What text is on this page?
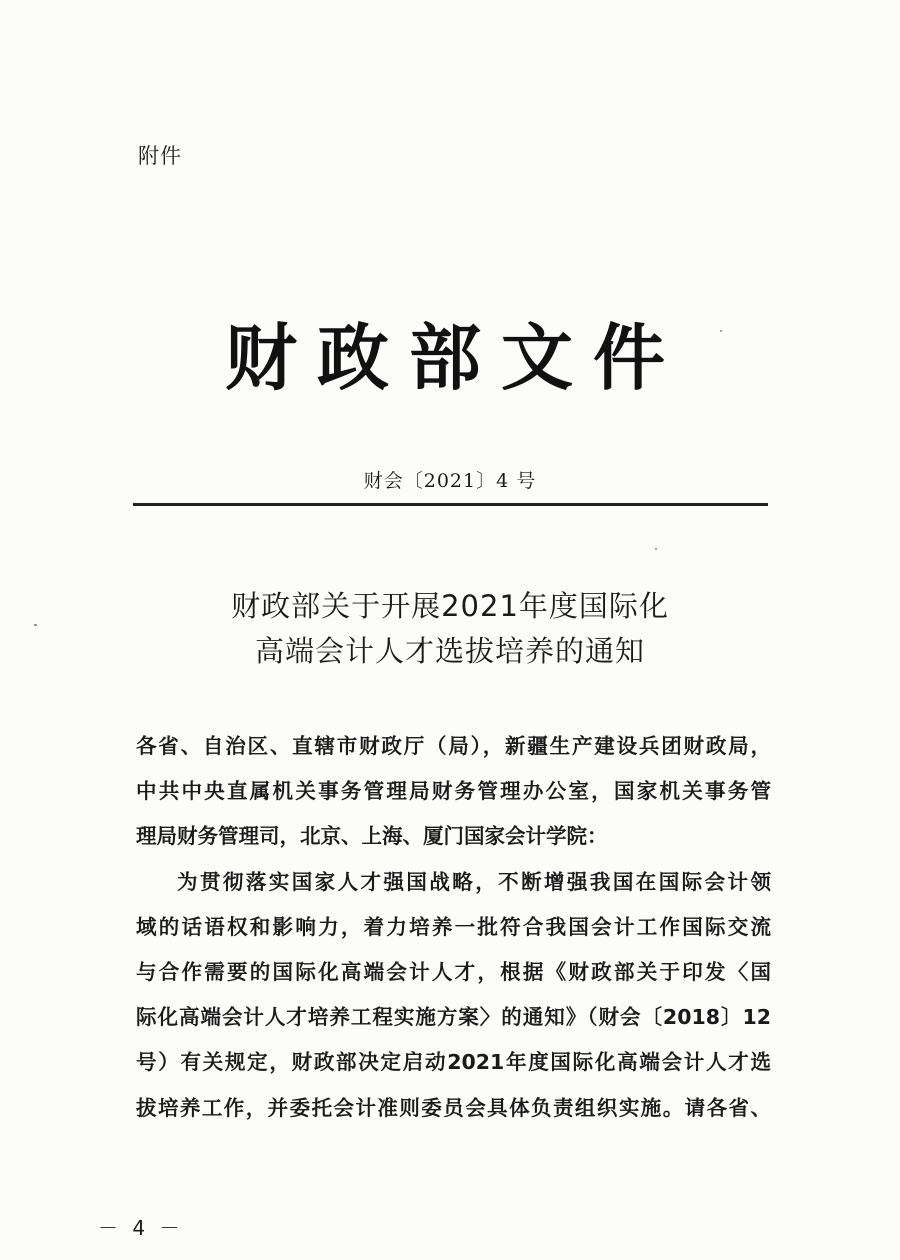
附件
财政部文件
财会〔2021〕4 号
财政部关于开展2021年度国际化
高端会计人才选拔培养的通知
各省、自治区、直辖市财政厅（局），新疆生产建设兵团财政局，
中共中央直属机关事务管理局财务管理办公室，国家机关事务管
理局财务管理司，北京、上海、厦门国家会计学院：
为贯彻落实国家人才强国战略，不断增强我国在国际会计领
域的话语权和影响力，着力培养一批符合我国会计工作国际交流
与合作需要的国际化高端会计人才，根据《财政部关于印发〈国
际化高端会计人才培养工程实施方案〉的通知》（财会〔2018〕12
号）有关规定，财政部决定启动2021年度国际化高端会计人才选
拔培养工作，并委托会计准则委员会具体负责组织实施。请各省、
－ 4 －
